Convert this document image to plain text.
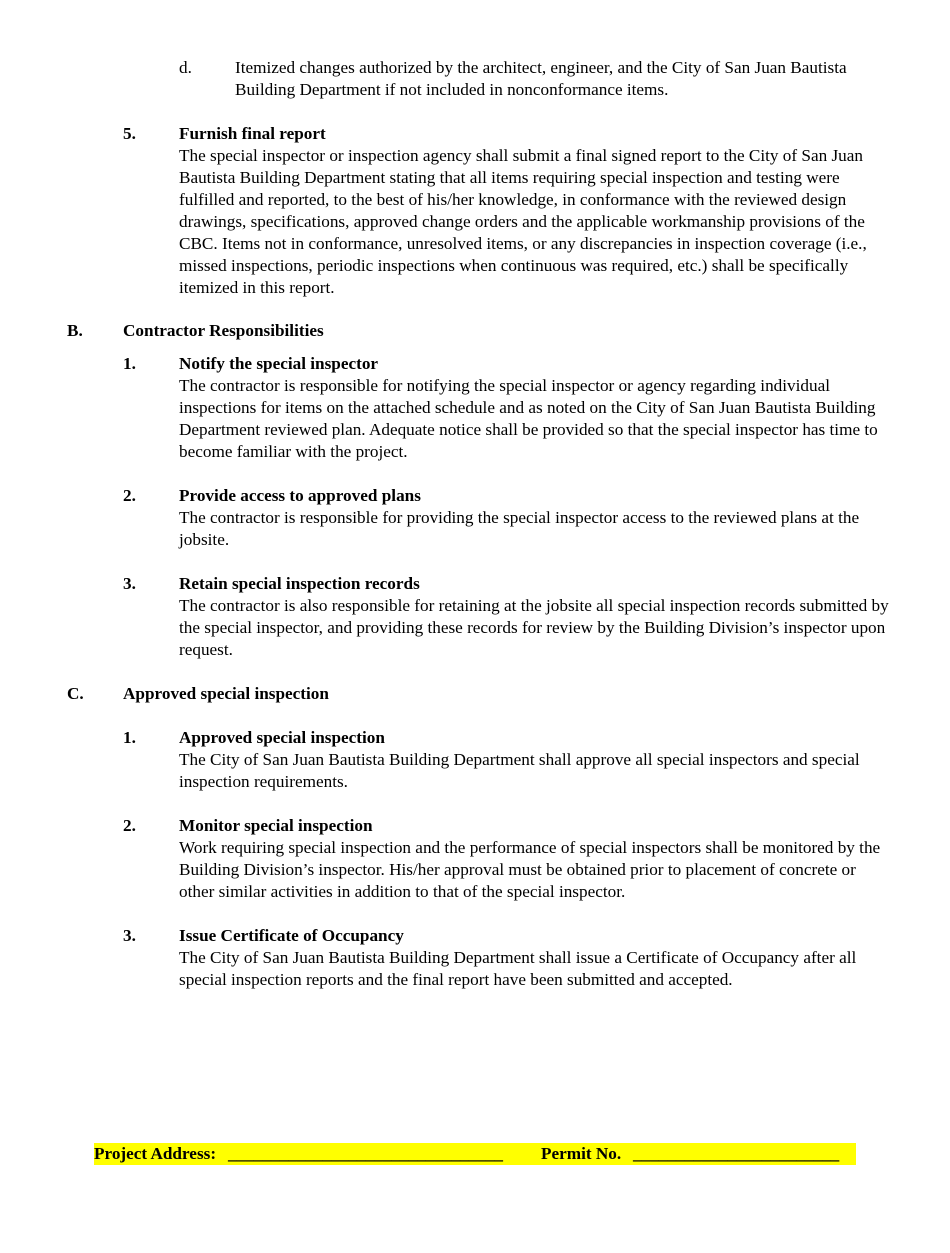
d.	Itemized changes authorized by the architect, engineer, and the City of San Juan Bautista Building Department if not included in nonconformance items.
5.	Furnish final report
The special inspector or inspection agency shall submit a final signed report to the City of San Juan Bautista Building Department stating that all items requiring special inspection and testing were fulfilled and reported, to the best of his/her knowledge, in conformance with the reviewed design drawings, specifications, approved change orders and the applicable workmanship provisions of the CBC. Items not in conformance, unresolved items, or any discrepancies in inspection coverage (i.e., missed inspections, periodic inspections when continuous was required, etc.) shall be specifically itemized in this report.
B. Contractor Responsibilities
1.	Notify the special inspector
The contractor is responsible for notifying the special inspector or agency regarding individual inspections for items on the attached schedule and as noted on the City of San Juan Bautista Building Department reviewed plan. Adequate notice shall be provided so that the special inspector has time to become familiar with the project.
2.	Provide access to approved plans
The contractor is responsible for providing the special inspector access to the reviewed plans at the jobsite.
3.	Retain special inspection records
The contractor is also responsible for retaining at the jobsite all special inspection records submitted by the special inspector, and providing these records for review by the Building Division’s inspector upon request.
C. Approved special inspection
1.	Approved special inspection
The City of San Juan Bautista Building Department shall approve all special inspectors and special inspection requirements.
2.	Monitor special inspection
Work requiring special inspection and the performance of special inspectors shall be monitored by the Building Division’s inspector. His/her approval must be obtained prior to placement of concrete or other similar activities in addition to that of the special inspector.
3.	Issue Certificate of Occupancy
The City of San Juan Bautista Building Department shall issue a Certificate of Occupancy after all special inspection reports and the final report have been submitted and accepted.

Project Address:

________________________________

Permit No.

________________________
